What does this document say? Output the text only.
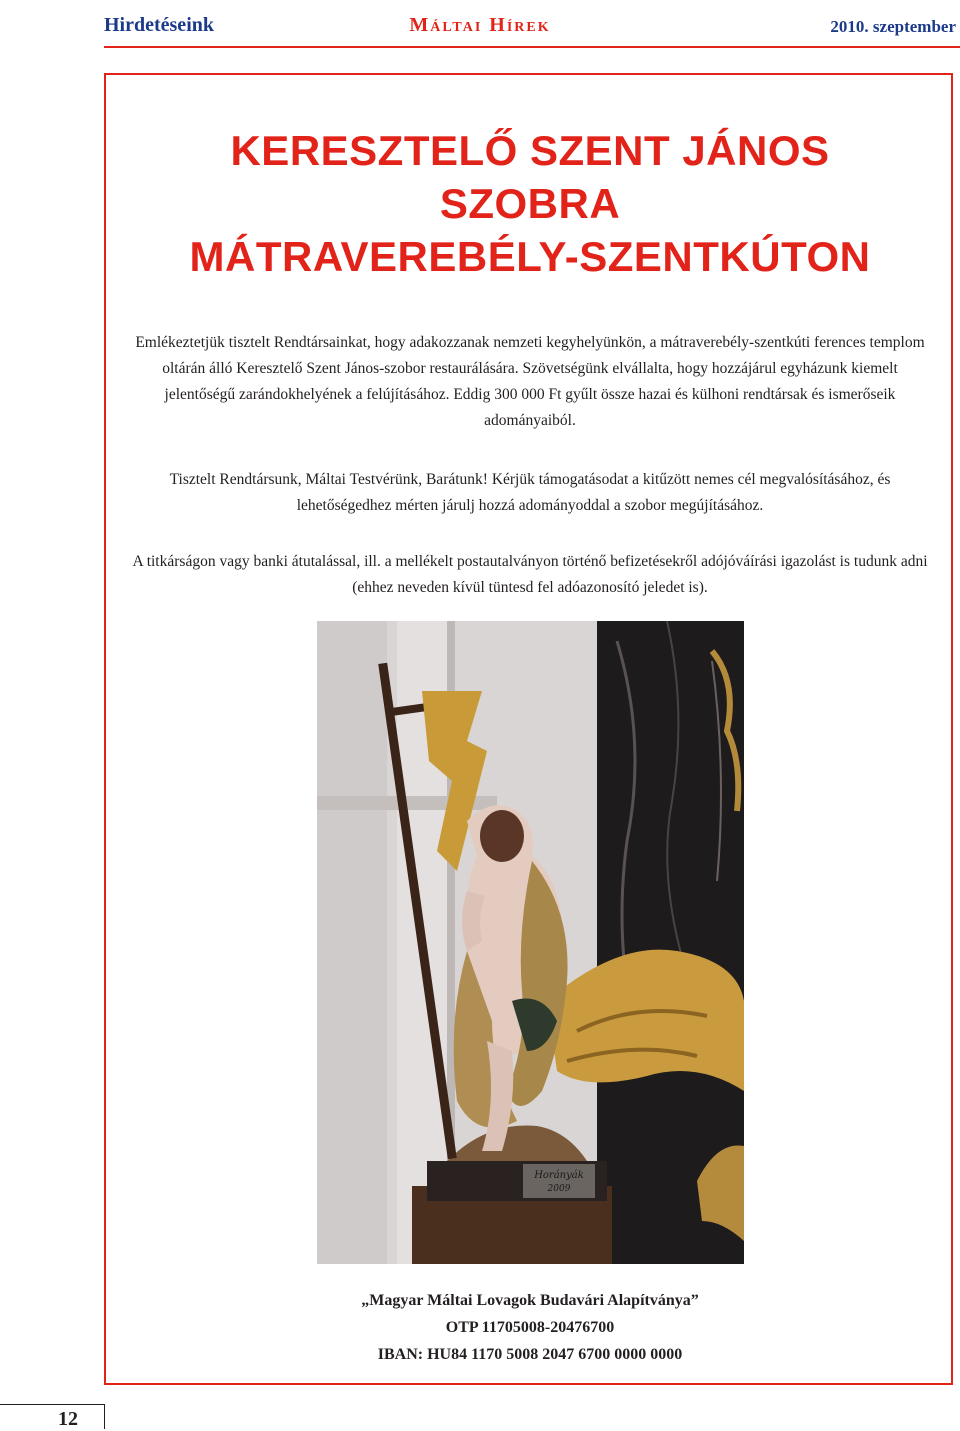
Hirdetéseink	Máltai Hírek	2010. szeptember
KERESZTELŐ SZENT JÁNOS
SZOBRA
MÁTRAVEREBÉLY-SZENTKÚTON
Emlékeztetjük tisztelt Rendtársainkat, hogy adakozzanak nemzeti kegyhelyünkön, a mátraverebély-szentkúti ferences templom oltárán álló Keresztelő Szent János-szobor restaurálására. Szövetségünk elvállalta, hogy hozzájárul egyházunk kiemelt jelentőségű zarándokhelyének a felújításához. Eddig 300 000 Ft gyűlt össze hazai és külhoni rendtársak és ismerőseik adományaiból.
Tisztelt Rendtársunk, Máltai Testvérünk, Barátunk! Kérjük támogatásodat a kitűzött nemes cél megvalósításához, és lehetőségedhez mérten járulj hozzá adományoddal a szobor megújításához.
A titkárságon vagy banki átutalással, ill. a mellékelt postautalványon történő befizetésekről adójóváírási igazolást is tudunk adni (ehhez neveden kívül tüntesd fel adóazonosító jeledet is).
Horányák
2009
„Magyar Máltai Lovagok Budavári Alapítványa”
OTP 11705008-20476700
IBAN: HU84 1170 5008 2047 6700 0000 0000
12
